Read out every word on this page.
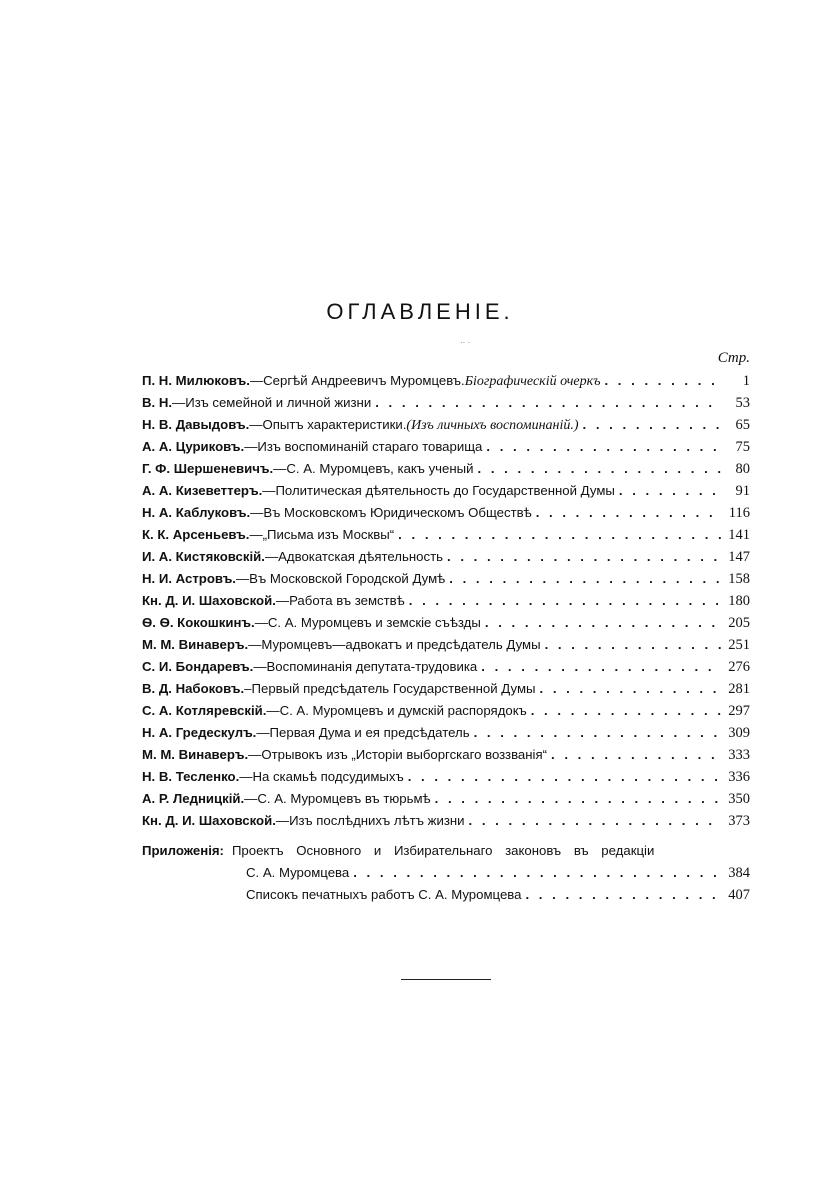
ОГЛАВЛЕНІЕ.
·· ·
Стр.
П. Н. Милюковъ. — Сергѣй Андреевичъ Муромцевъ. Біографическій очеркъ . . .	1
В. Н. — Изъ семейной и личной жизни . . .	53
Н. В. Давыдовъ. — Опытъ характеристики. (Изъ личныхъ воспоминаній.) . . .	65
А. А. Цуриковъ. — Изъ воспоминаній стараго товарища . . .	75
Г. Ф. Шершеневичъ. — С. А. Муромцевъ, какъ ученый . . .	80
А. А. Кизеветтеръ. — Политическая дѣятельность до Государственной Думы . . .	91
Н. А. Каблуковъ. — Въ Московскомъ Юридическомъ Обществѣ . . .	116
К. К. Арсеньевъ. — „Письма изъ Москвы“ . . .	141
И. А. Кистяковскій. — Адвокатская дѣятельность . . .	147
Н. И. Астровъ. — Въ Московской Городской Думѣ . . .	158
Кн. Д. И. Шаховской. — Работа въ земствѣ . . .	180
Ѳ. Ѳ. Кокошкинъ. — С. А. Муромцевъ и земскіе съѣзды . . .	205
М. М. Винаверъ. — Муромцевъ—адвокатъ и предсѣдатель Думы . . .	251
С. И. Бондаревъ. — Воспоминанія депутата-трудовика . . .	276
В. Д. Набоковъ. – Первый предсѣдатель Государственной Думы . . .	281
С. А. Котляревскій. — С. А. Муромцевъ и думскій распорядокъ . . .	297
Н. А. Гредескулъ. — Первая Дума и ея предсѣдатель . . .	309
М. М. Винаверъ. — Отрывокъ изъ „Исторіи выборгскаго воззванія“ . . .	333
Н. В. Тесленко. — На скамьѣ подсудимыхъ . . .	336
А. Р. Ледницкій. — С. А. Муромцевъ въ тюрьмѣ . . .	350
Кн. Д. И. Шаховской. — Изъ послѣднихъ лѣтъ жизни . . .	373
Приложенія: Проектъ Основного и Избирательнаго законовъ въ редакціи
С. А. Муромцева . . .	384
Списокъ печатныхъ работъ С. А. Муромцева . . .	407
